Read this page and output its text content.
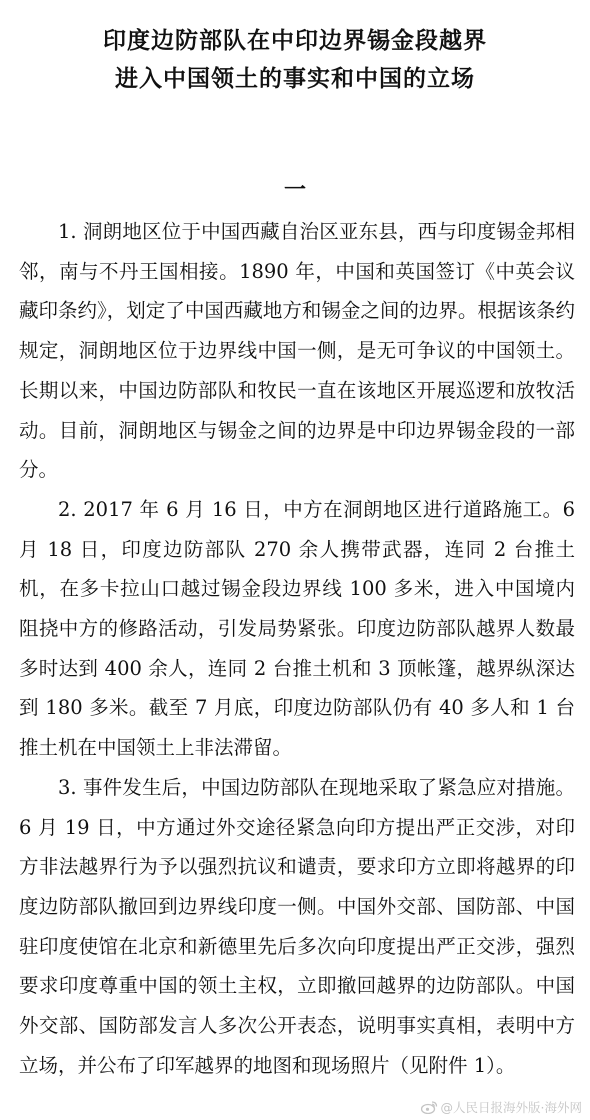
印度边防部队在中印边界锡金段越界
进入中国领土的事实和中国的立场
一

1. 洞朗地区位于中国西藏自治区亚东县，西与印度锡金邦相邻，南与不丹王国相接。1890 年，中国和英国签订《中英会议藏印条约》，划定了中国西藏地方和锡金之间的边界。根据该条约规定，洞朗地区位于边界线中国一侧，是无可争议的中国领土。长期以来，中国边防部队和牧民一直在该地区开展巡逻和放牧活动。目前，洞朗地区与锡金之间的边界是中印边界锡金段的一部分。

2. 2017 年 6 月 16 日，中方在洞朗地区进行道路施工。6 月 18 日，印度边防部队 270 余人携带武器，连同 2 台推土机，在多卡拉山口越过锡金段边界线 100 多米，进入中国境内阻挠中方的修路活动，引发局势紧张。印度边防部队越界人数最多时达到 400 余人，连同 2 台推土机和 3 顶帐篷，越界纵深达到 180 多米。截至 7 月底，印度边防部队仍有 40 多人和 1 台推土机在中国领土上非法滞留。

3. 事件发生后，中国边防部队在现地采取了紧急应对措施。6 月 19 日，中方通过外交途径紧急向印方提出严正交涉，对印方非法越界行为予以强烈抗议和谴责，要求印方立即将越界的印度边防部队撤回到边界线印度一侧。中国外交部、国防部、中国驻印度使馆在北京和新德里先后多次向印度提出严正交涉，强烈要求印度尊重中国的领土主权，立即撤回越界的边防部队。中国外交部、国防部发言人多次公开表态，说明事实真相，表明中方立场，并公布了印军越界的地图和现场照片（见附件 1）。

@人民日报海外版·海外网
